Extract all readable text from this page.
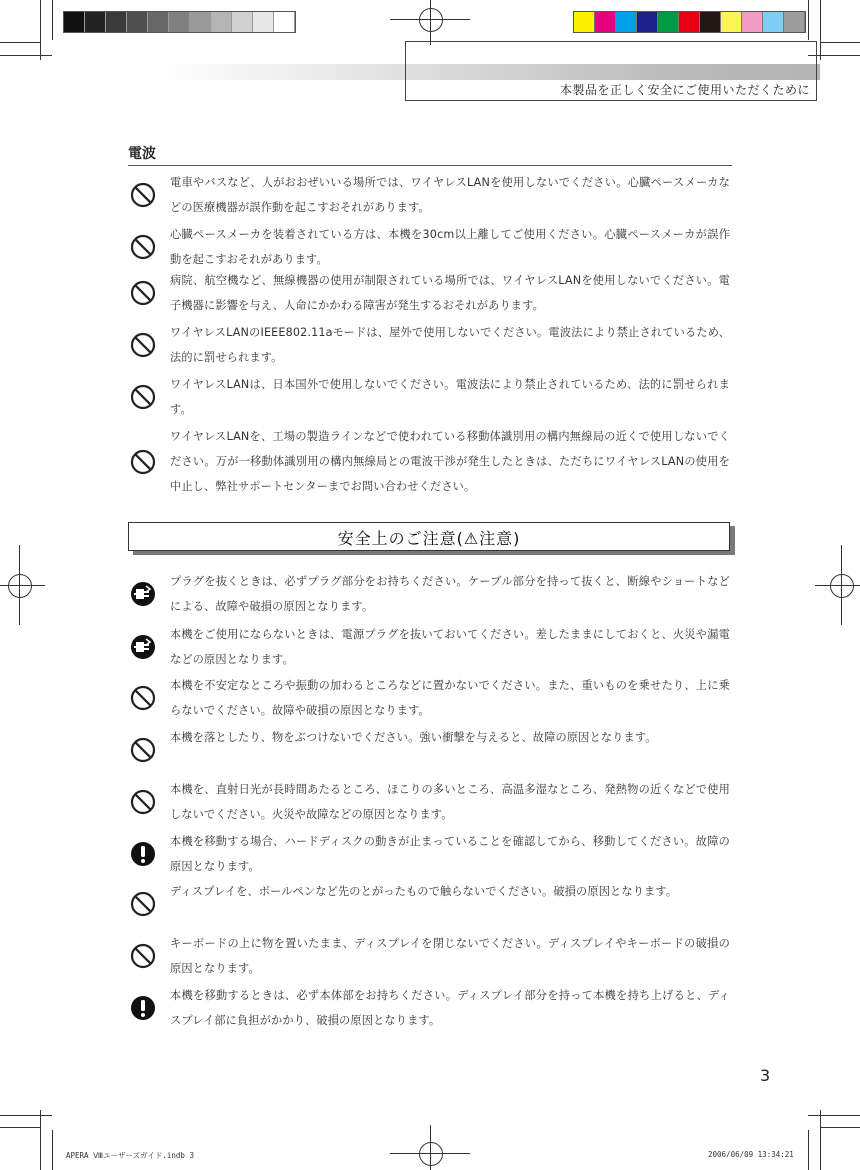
本製品を正しく安全にご使用いただくために
電波
電車やバスなど、人がおおぜいいる場所では、ワイヤレスLANを使用しないでください。心臓ペースメーカなどの医療機器が誤作動を起こすおそれがあります。
心臓ペースメーカを装着されている方は、本機を30cm以上離してご使用ください。心臓ペースメーカが誤作動を起こすおそれがあります。
病院、航空機など、無線機器の使用が制限されている場所では、ワイヤレスLANを使用しないでください。電子機器に影響を与え、人命にかかわる障害が発生するおそれがあります。
ワイヤレスLANのIEEE802.11aモードは、屋外で使用しないでください。電波法により禁止されているため、法的に罰せられます。
ワイヤレスLANは、日本国外で使用しないでください。電波法により禁止されているため、法的に罰せられます。
ワイヤレスLANを、工場の製造ラインなどで使われている移動体識別用の構内無線局の近くで使用しないでください。万が一移動体識別用の構内無線局との電波干渉が発生したときは、ただちにワイヤレスLANの使用を中止し、弊社サポートセンターまでお問い合わせください。
安全上のご注意(⚠注意)
プラグを抜くときは、必ずプラグ部分をお持ちください。ケーブル部分を持って抜くと、断線やショートなどによる、故障や破損の原因となります。
本機をご使用にならないときは、電源プラグを抜いておいてください。差したままにしておくと、火災や漏電などの原因となります。
本機を不安定なところや振動の加わるところなどに置かないでください。また、重いものを乗せたり、上に乗らないでください。故障や破損の原因となります。
本機を落としたり、物をぶつけないでください。強い衝撃を与えると、故障の原因となります。
本機を、直射日光が長時間あたるところ、ほこりの多いところ、高温多湿なところ、発熱物の近くなどで使用しないでください。火災や故障などの原因となります。
本機を移動する場合、ハードディスクの動きが止まっていることを確認してから、移動してください。故障の原因となります。
ディスプレイを、ボールペンなど先のとがったもので触らないでください。破損の原因となります。
キーボードの上に物を置いたまま、ディスプレイを閉じないでください。ディスプレイやキーボードの破損の原因となります。
本機を移動するときは、必ず本体部をお持ちください。ディスプレイ部分を持って本機を持ち上げると、ディスプレイ部に負担がかかり、破損の原因となります。
3
APERA Ⅷユーザーズガイド.indb 3	2006/06/09 13:34:21
